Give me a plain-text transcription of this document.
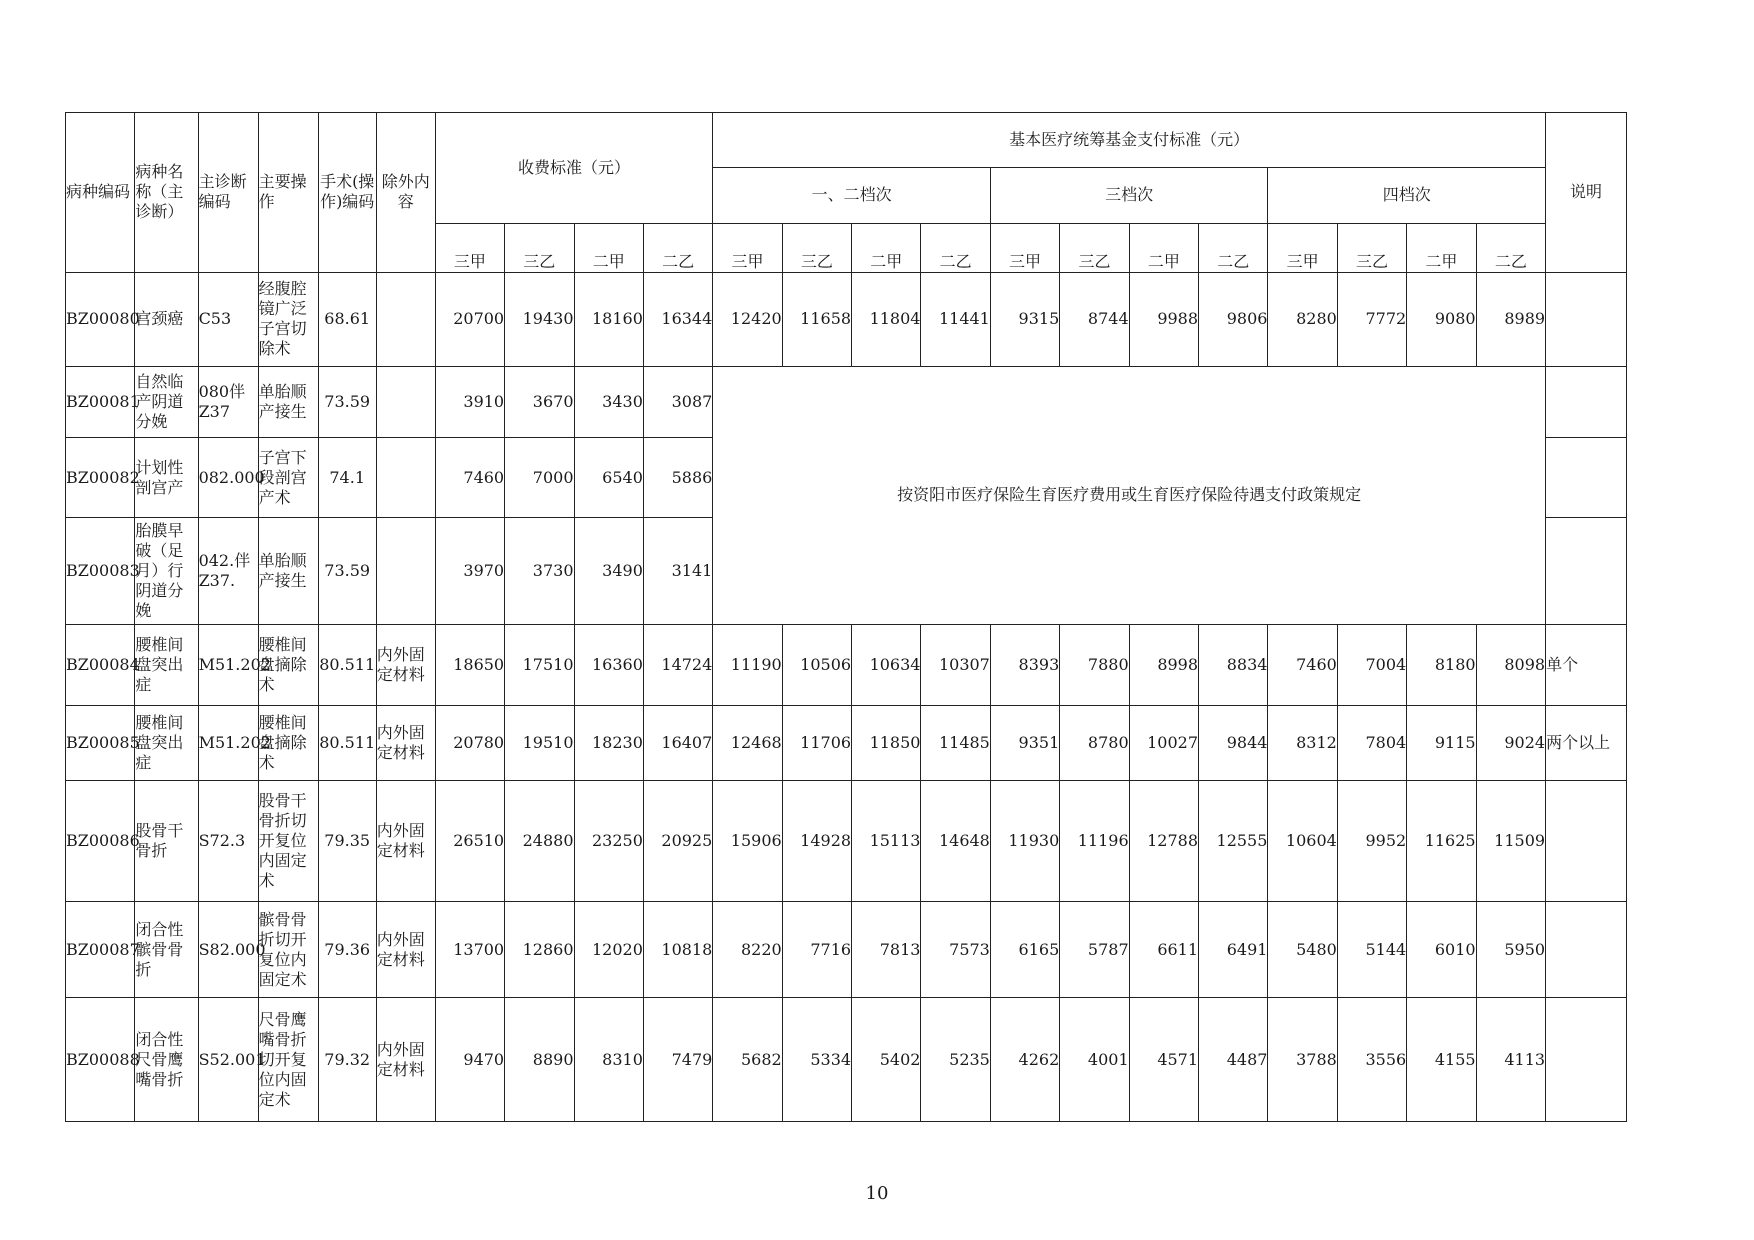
病种编码	病种名称（主诊断）	主诊断编码	主要操作	手术(操作)编码	除外内容	收费标准（元）				基本医疗统筹基金支付标准（元）												说明
										一、二档次				三档次				四档次				
						三甲	三乙	二甲	二乙	三甲	三乙	二甲	二乙	三甲	三乙	二甲	二乙	三甲	三乙	二甲	二乙	
BZ00080	宫颈癌	C53	经腹腔镜广泛子宫切除术	68.61		20700	19430	18160	16344	12420	11658	11804	11441	9315	8744	9988	9806	8280	7772	9080	8989	
BZ00081	自然临产阴道分娩	080伴Z37	单胎顺产接生	73.59		3910	3670	3430	3087	按资阳市医疗保险生育医疗费用或生育医疗保险待遇支付政策规定												
BZ00082	计划性剖宫产	082.000	子宫下段剖宫产术	74.1		7460	7000	6540	5886													
BZ00083	胎膜早破（足月）行阴道分娩	042.伴Z37.	单胎顺产接生	73.59		3970	3730	3490	3141													
BZ00084	腰椎间盘突出症	M51.202	腰椎间盘摘除术	80.511	内外固定材料	18650	17510	16360	14724	11190	10506	10634	10307	8393	7880	8998	8834	7460	7004	8180	8098	单个
BZ00085	腰椎间盘突出症	M51.202	腰椎间盘摘除术	80.511	内外固定材料	20780	19510	18230	16407	12468	11706	11850	11485	9351	8780	10027	9844	8312	7804	9115	9024	两个以上
BZ00086	股骨干骨折	S72.3	股骨干骨折切开复位内固定术	79.35	内外固定材料	26510	24880	23250	20925	15906	14928	15113	14648	11930	11196	12788	12555	10604	9952	11625	11509	
BZ00087	闭合性髌骨骨折	S82.000	髌骨骨折切开复位内固定术	79.36	内外固定材料	13700	12860	12020	10818	8220	7716	7813	7573	6165	5787	6611	6491	5480	5144	6010	5950	
BZ00088	闭合性尺骨鹰嘴骨折	S52.001	尺骨鹰嘴骨折切开复位内固定术	79.32	内外固定材料	9470	8890	8310	7479	5682	5334	5402	5235	4262	4001	4571	4487	3788	3556	4155	4113	
10
